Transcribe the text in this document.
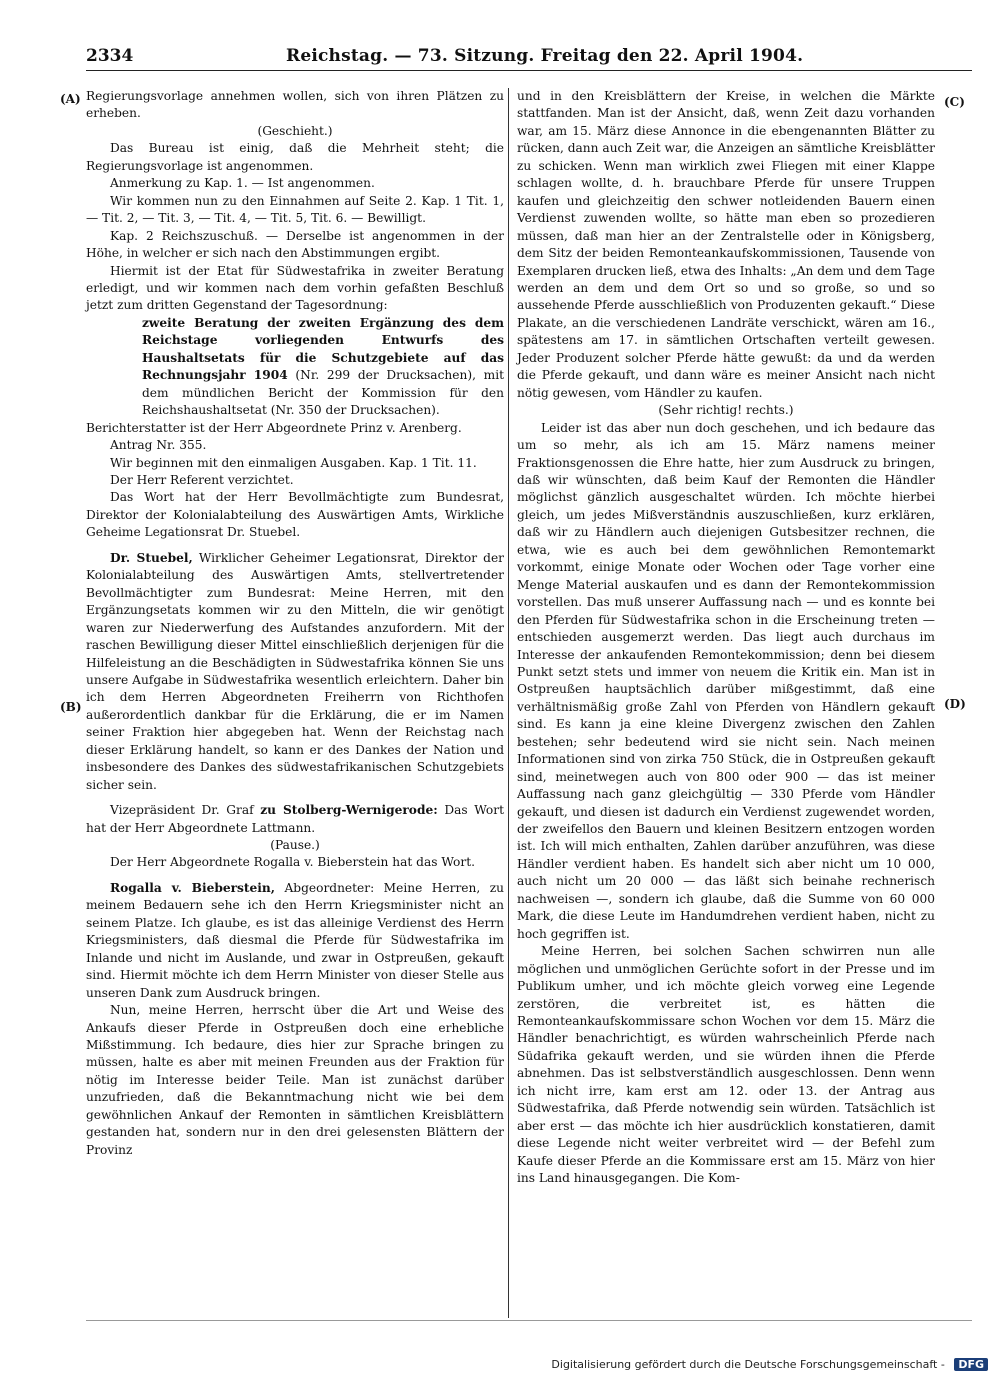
2334	Reichstag. — 73. Sitzung. Freitag den 22. April 1904.
(A)
(B)
(C)
(D)

Regierungsvorlage annehmen wollen, sich von ihren Plätzen zu erheben.

(Geschieht.)

Das Bureau ist einig, daß die Mehrheit steht; die Regierungsvorlage ist angenommen.

Anmerkung zu Kap. 1. — Ist angenommen.

Wir kommen nun zu den Einnahmen auf Seite 2. Kap. 1 Tit. 1, — Tit. 2, — Tit. 3, — Tit. 4, — Tit. 5, Tit. 6. — Bewilligt.

Kap. 2 Reichszuschuß. — Derselbe ist angenommen in der Höhe, in welcher er sich nach den Abstimmungen ergibt.

Hiermit ist der Etat für Südwestafrika in zweiter Beratung erledigt, und wir kommen nach dem vorhin gefaßten Beschluß jetzt zum dritten Gegenstand der Tagesordnung:

zweite Beratung der zweiten Ergänzung des dem Reichstage vorliegenden Entwurfs des Haushaltsetats für die Schutzgebiete auf das Rechnungsjahr 1904 (Nr. 299 der Drucksachen), mit dem mündlichen Bericht der Kommission für den Reichshaushaltsetat (Nr. 350 der Drucksachen).

Berichterstatter ist der Herr Abgeordnete Prinz v. Arenberg.

Antrag Nr. 355.

Wir beginnen mit den einmaligen Ausgaben. Kap. 1 Tit. 11.

Der Herr Referent verzichtet.

Das Wort hat der Herr Bevollmächtigte zum Bundesrat, Direktor der Kolonialabteilung des Auswärtigen Amts, Wirkliche Geheime Legationsrat Dr. Stuebel.

Dr. Stuebel, Wirklicher Geheimer Legationsrat, Direktor der Kolonialabteilung des Auswärtigen Amts, stellvertretender Bevollmächtigter zum Bundesrat: Meine Herren, mit den Ergänzungsetats kommen wir zu den Mitteln, die wir genötigt waren zur Niederwerfung des Aufstandes anzufordern. Mit der raschen Bewilligung dieser Mittel einschließlich derjenigen für die Hilfeleistung an die Beschädigten in Südwestafrika können Sie uns unsere Aufgabe in Südwestafrika wesentlich erleichtern. Daher bin ich dem Herren Abgeordneten Freiherrn von Richthofen außerordentlich dankbar für die Erklärung, die er im Namen seiner Fraktion hier abgegeben hat. Wenn der Reichstag nach dieser Erklärung handelt, so kann er des Dankes der Nation und insbesondere des Dankes des südwestafrikanischen Schutzgebiets sicher sein.

Vizepräsident Dr. Graf zu Stolberg-Wernigerode: Das Wort hat der Herr Abgeordnete Lattmann.

(Pause.)

Der Herr Abgeordnete Rogalla v. Bieberstein hat das Wort.

Rogalla v. Bieberstein, Abgeordneter: Meine Herren, zu meinem Bedauern sehe ich den Herrn Kriegsminister nicht an seinem Platze. Ich glaube, es ist das alleinige Verdienst des Herrn Kriegsministers, daß diesmal die Pferde für Südwestafrika im Inlande und nicht im Auslande, und zwar in Ostpreußen, gekauft sind. Hiermit möchte ich dem Herrn Minister von dieser Stelle aus unseren Dank zum Ausdruck bringen.

Nun, meine Herren, herrscht über die Art und Weise des Ankaufs dieser Pferde in Ostpreußen doch eine erhebliche Mißstimmung. Ich bedaure, dies hier zur Sprache bringen zu müssen, halte es aber mit meinen Freunden aus der Fraktion für nötig im Interesse beider Teile. Man ist zunächst darüber unzufrieden, daß die Bekanntmachung nicht wie bei dem gewöhnlichen Ankauf der Remonten in sämtlichen Kreisblättern gestanden hat, sondern nur in den drei gelesensten Blättern der Provinz

und in den Kreisblättern der Kreise, in welchen die Märkte stattfanden. Man ist der Ansicht, daß, wenn Zeit dazu vorhanden war, am 15. März diese Annonce in die ebengenannten Blätter zu rücken, dann auch Zeit war, die Anzeigen an sämtliche Kreisblätter zu schicken. Wenn man wirklich zwei Fliegen mit einer Klappe schlagen wollte, d. h. brauchbare Pferde für unsere Truppen kaufen und gleichzeitig den schwer notleidenden Bauern einen Verdienst zuwenden wollte, so hätte man eben so prozedieren müssen, daß man hier an der Zentralstelle oder in Königsberg, dem Sitz der beiden Remonteankaufskommissionen, Tausende von Exemplaren drucken ließ, etwa des Inhalts: „An dem und dem Tage werden an dem und dem Ort so und so große, so und so aussehende Pferde ausschließlich von Produzenten gekauft.“ Diese Plakate, an die verschiedenen Landräte verschickt, wären am 16., spätestens am 17. in sämtlichen Ortschaften verteilt gewesen. Jeder Produzent solcher Pferde hätte gewußt: da und da werden die Pferde gekauft, und dann wäre es meiner Ansicht nach nicht nötig gewesen, vom Händler zu kaufen.

(Sehr richtig! rechts.)

Leider ist das aber nun doch geschehen, und ich bedaure das um so mehr, als ich am 15. März namens meiner Fraktionsgenossen die Ehre hatte, hier zum Ausdruck zu bringen, daß wir wünschten, daß beim Kauf der Remonten die Händler möglichst gänzlich ausgeschaltet würden. Ich möchte hierbei gleich, um jedes Mißverständnis auszuschließen, kurz erklären, daß wir zu Händlern auch diejenigen Gutsbesitzer rechnen, die etwa, wie es auch bei dem gewöhnlichen Remontemarkt vorkommt, einige Monate oder Wochen oder Tage vorher eine Menge Material auskaufen und es dann der Remontekommission vorstellen. Das muß unserer Auffassung nach — und es konnte bei den Pferden für Südwestafrika schon in die Erscheinung treten — entschieden ausgemerzt werden. Das liegt auch durchaus im Interesse der ankaufenden Remontekommission; denn bei diesem Punkt setzt stets und immer von neuem die Kritik ein. Man ist in Ostpreußen hauptsächlich darüber mißgestimmt, daß eine verhältnismäßig große Zahl von Pferden von Händlern gekauft sind. Es kann ja eine kleine Divergenz zwischen den Zahlen bestehen; sehr bedeutend wird sie nicht sein. Nach meinen Informationen sind von zirka 750 Stück, die in Ostpreußen gekauft sind, meinetwegen auch von 800 oder 900 — das ist meiner Auffassung nach ganz gleichgültig — 330 Pferde vom Händler gekauft, und diesen ist dadurch ein Verdienst zugewendet worden, der zweifellos den Bauern und kleinen Besitzern entzogen worden ist. Ich will mich enthalten, Zahlen darüber anzuführen, was diese Händler verdient haben. Es handelt sich aber nicht um 10 000, auch nicht um 20 000 — das läßt sich beinahe rechnerisch nachweisen —, sondern ich glaube, daß die Summe von 60 000 Mark, die diese Leute im Handumdrehen verdient haben, nicht zu hoch gegriffen ist.

Meine Herren, bei solchen Sachen schwirren nun alle möglichen und unmöglichen Gerüchte sofort in der Presse und im Publikum umher, und ich möchte gleich vorweg eine Legende zerstören, die verbreitet ist, es hätten die Remonteankaufskommissare schon Wochen vor dem 15. März die Händler benachrichtigt, es würden wahrscheinlich Pferde nach Südafrika gekauft werden, und sie würden ihnen die Pferde abnehmen. Das ist selbstverständlich ausgeschlossen. Denn wenn ich nicht irre, kam erst am 12. oder 13. der Antrag aus Südwestafrika, daß Pferde notwendig sein würden. Tatsächlich ist aber erst — das möchte ich hier ausdrücklich konstatieren, damit diese Legende nicht weiter verbreitet wird — der Befehl zum Kaufe dieser Pferde an die Kommissare erst am 15. März von hier ins Land hinausgegangen. Die Kom-

Digitalisierung gefördert durch die Deutsche Forschungsgemeinschaft - DFG
